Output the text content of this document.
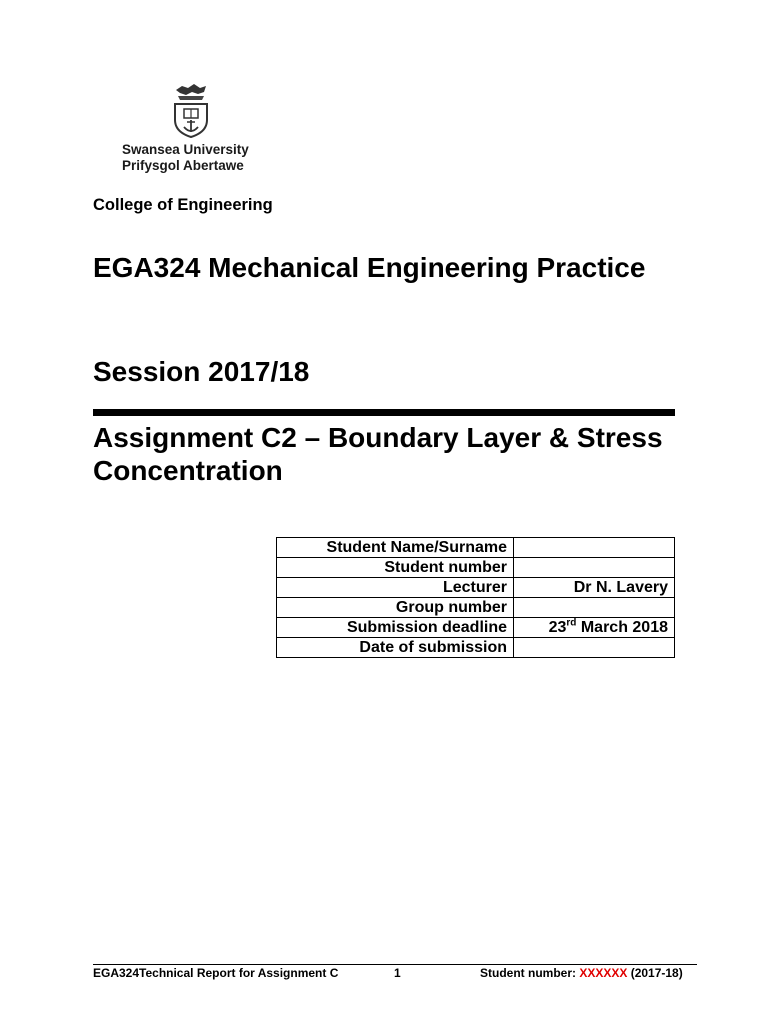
Swansea University
Prifysgol Abertawe
College of Engineering
EGA324 Mechanical Engineering Practice
Session 2017/18
Assignment C2 – Boundary Layer & Stress Concentration
Student Name/Surname	
Student number	
Lecturer	Dr N. Lavery
Group number	
Submission deadline	23rd March 2018
Date of submission	
EGA324Technical Report for Assignment C	1	Student number: XXXXXX (2017-18)
